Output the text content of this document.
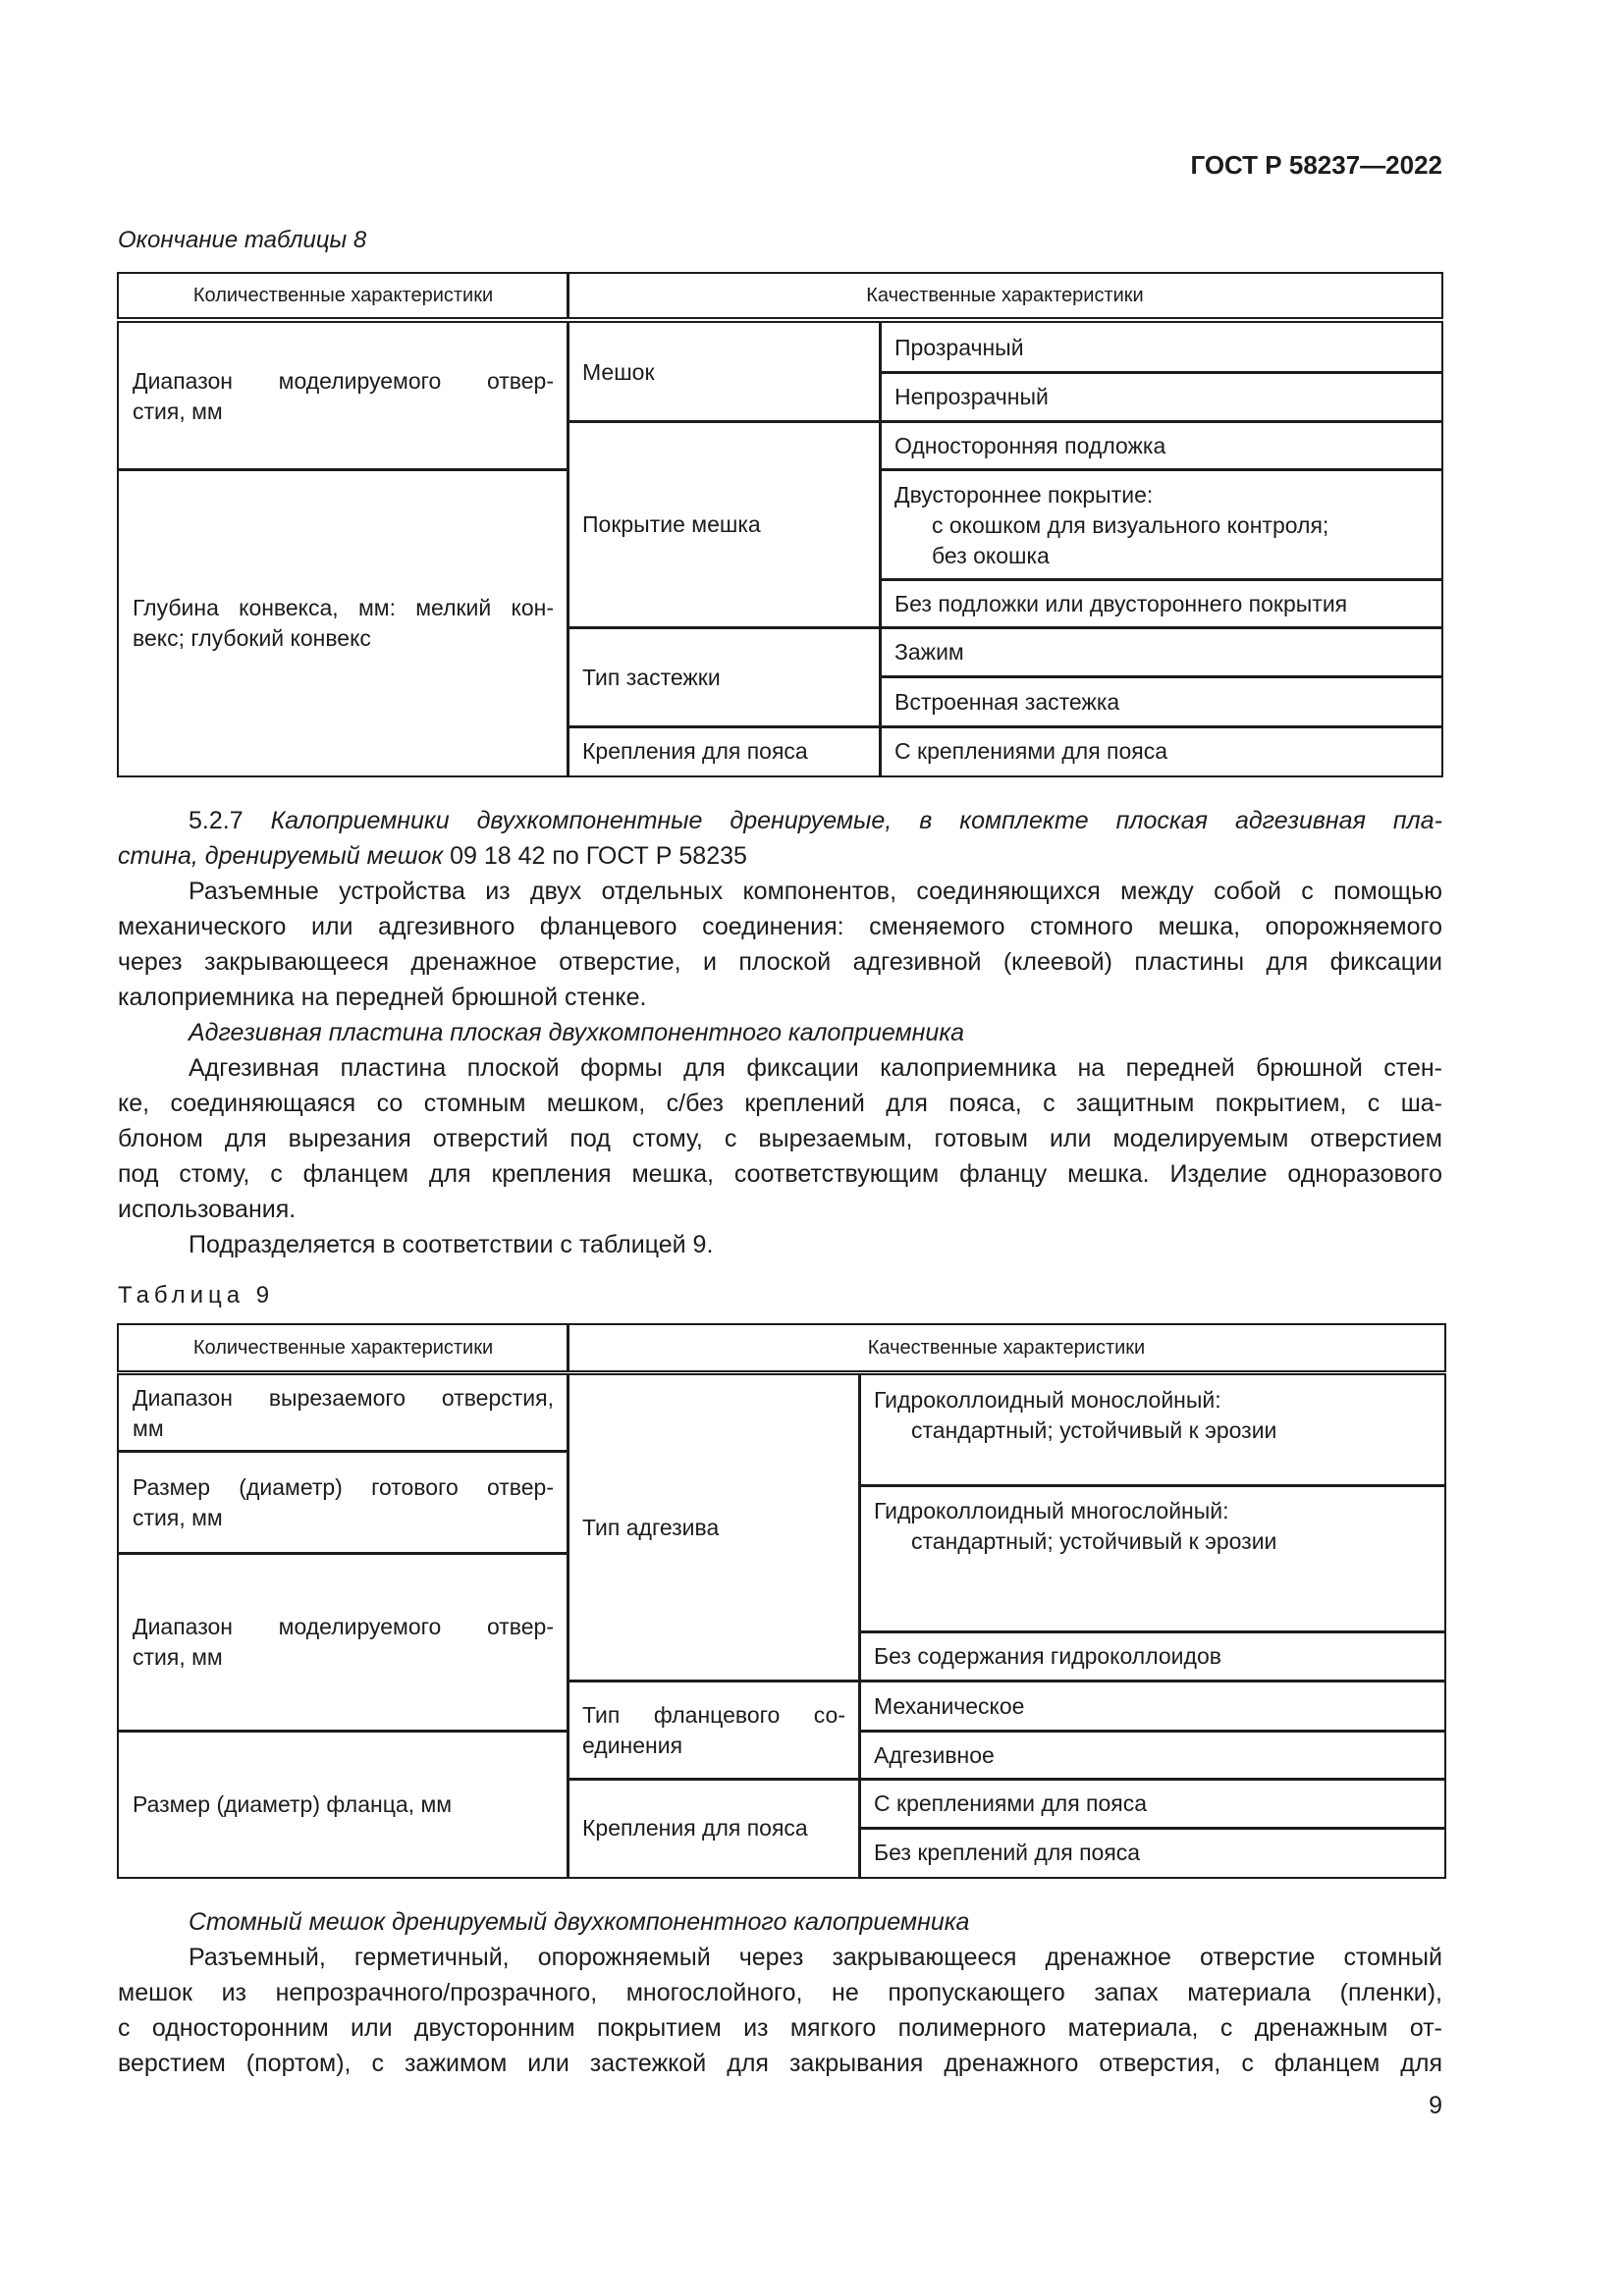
ГОСТ Р 58237—2022
Окончание таблицы 8
Количественные характеристики	Качественные характеристики
Диапазон моделируемого отвер-
стия, мм
Глубина конвекса, мм: мелкий кон-
векс; глубокий конвекс
Мешок
Покрытие мешка
Тип застежки
Крепления для пояса
Прозрачный
Непрозрачный
Односторонняя подложка
Двустороннее покрытие:
с окошком для визуального контроля;
без окошка
Без подложки или двустороннего покрытия
Зажим
Встроенная застежка
С креплениями для пояса
5.2.7 Калоприемники двухкомпонентные дренируемые, в комплекте плоская адгезивная пла-
стина, дренируемый мешок 09 18 42 по ГОСТ Р 58235
Разъемные устройства из двух отдельных компонентов, соединяющихся между собой с помощью
механического или адгезивного фланцевого соединения: сменяемого стомного мешка, опорожняемого
через закрывающееся дренажное отверстие, и плоской адгезивной (клеевой) пластины для фиксации
калоприемника на передней брюшной стенке.
Адгезивная пластина плоская двухкомпонентного калоприемника
Адгезивная пластина плоской формы для фиксации калоприемника на передней брюшной стен-
ке, соединяющаяся со стомным мешком, с/без креплений для пояса, с защитным покрытием, с ша-
блоном для вырезания отверстий под стому, с вырезаемым, готовым или моделируемым отверстием
под стому, с фланцем для крепления мешка, соответствующим фланцу мешка. Изделие одноразового
использования.
Подразделяется в соответствии с таблицей 9.
Таблица 9
Количественные характеристики	Качественные характеристики
Диапазон вырезаемого отверстия,
мм
Размер (диаметр) готового отвер-
стия, мм
Диапазон моделируемого отвер-
стия, мм
Размер (диаметр) фланца, мм
Тип адгезива
Тип фланцевого со-
единения
Крепления для пояса
Гидроколлоидный монослойный:
стандартный; устойчивый к эрозии
Гидроколлоидный многослойный:
стандартный; устойчивый к эрозии
Без содержания гидроколлоидов
Механическое
Адгезивное
С креплениями для пояса
Без креплений для пояса
Стомный мешок дренируемый двухкомпонентного калоприемника
Разъемный, герметичный, опорожняемый через закрывающееся дренажное отверстие стомный
мешок из непрозрачного/прозрачного, многослойного, не пропускающего запах материала (пленки),
с односторонним или двусторонним покрытием из мягкого полимерного материала, с дренажным от-
верстием (портом), с зажимом или застежкой для закрывания дренажного отверстия, с фланцем для
9
